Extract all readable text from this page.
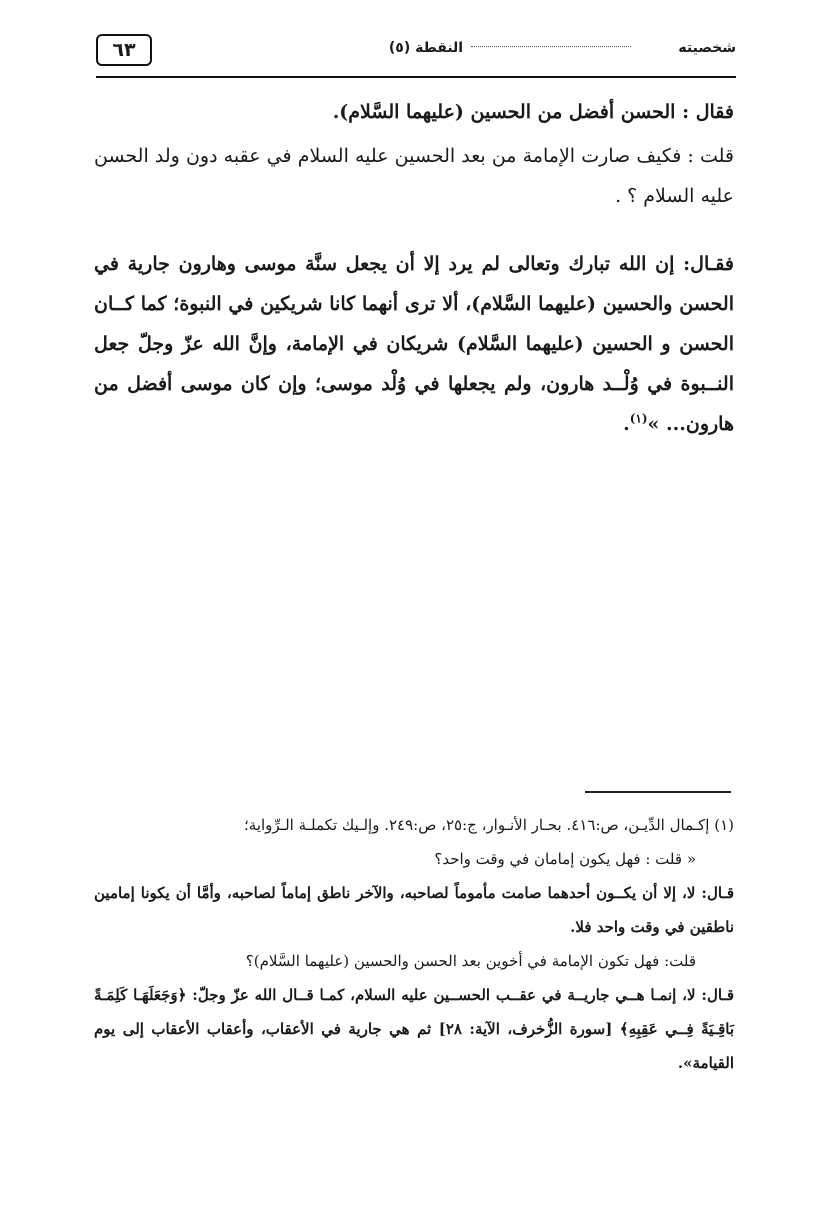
٦٣	النقطة (٥)	شخصيته

فقال : الحسن أفضل من الحسين (عليهما السَّلام).

قلت : فكيف صارت الإمامة من بعد الحسين عليه السلام في عقبه دون ولد الحسن عليه السلام ؟ .

فقـال: إن الله تبارك وتعالى لم يرد إلا أن يجعل سنَّة موسى وهارون جارية في الحسن والحسين (عليهما السَّلام)، ألا ترى أنهما كانا شريكين في النبوة؛ كما كــان الحسن و الحسين (عليهما السَّلام) شريكان في الإمامة، وإنَّ الله عزّ وجلّ جعل النــبوة في وُلْــد هارون، ولم يجعلها في وُلْد موسى؛ وإن كان موسى أفضل من هارون... »$^{(١)}$.

(١) إكـمال الدِّيـن، ص:٤١٦. بحـار الأنـوار، ج:٢٥، ص:٢٤٩. وإلـيك تكملـة الـرِّواية؛

« قلت : فهل يكون إمامان في وقت واحد؟

قـال: لا، إلا أن يكــون أحدهما صامت مأموماً لصاحبه، والآخر ناطق إماماً لصاحبه، وأمَّا أن يكونا إمامين ناطقين في وقت واحد فلا.

قلت: فهل تكون الإمامة في أخوين بعد الحسن والحسين (عليهما السَّلام)؟

قـال: لا، إنمـا هــي جاريــة في عقــب الحســين عليه السلام، كمـا قــال الله عزّ وجلّ: ﴿وَجَعَلَهَـا كَلِمَـةً بَاقِـيَةً فِــي عَقِبِهِ﴾ [سورة الزُّخرف، الآية: ٢٨] ثم هي جارية في الأعقاب، وأعقاب الأعقاب إلى يوم القيامة».
